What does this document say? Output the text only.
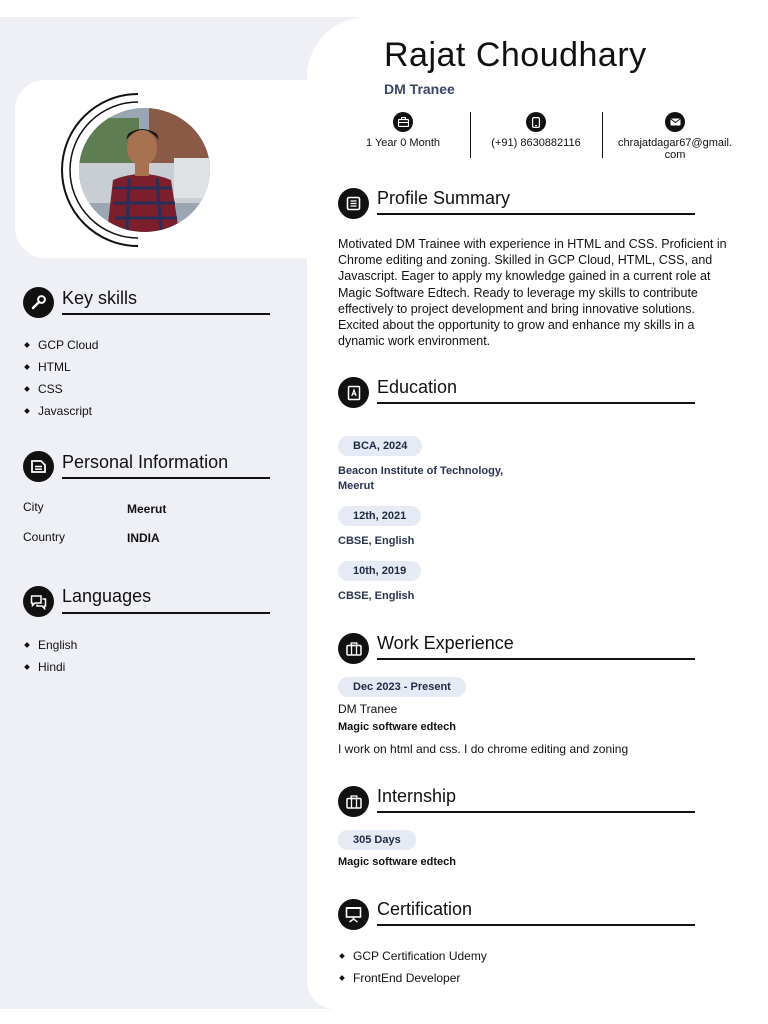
Rajat Choudhary
DM Tranee
1 Year 0 Month	(+91) 8630882116	chrajatdagar67@gmail.
com
Key skills
GCP Cloud
HTML
CSS
Javascript
Personal Information
City	Meerut
Country	INDIA
Languages
English
Hindi
Profile Summary
Motivated DM Trainee with experience in HTML and CSS. Proficient in Chrome editing and zoning. Skilled in GCP Cloud, HTML, CSS, and Javascript. Eager to apply my knowledge gained in a current role at Magic Software Edtech. Ready to leverage my skills to contribute effectively to project development and bring innovative solutions. Excited about the opportunity to grow and enhance my skills in a dynamic work environment.
Education
BCA, 2024
Beacon Institute of Technology,
Meerut
12th, 2021
CBSE, English
10th, 2019
CBSE, English
Work Experience
Dec 2023 - Present
DM Tranee
Magic software edtech
I work on html and css. I do chrome editing and zoning
Internship
305 Days
Magic software edtech
Certification
GCP Certification Udemy
FrontEnd Developer
